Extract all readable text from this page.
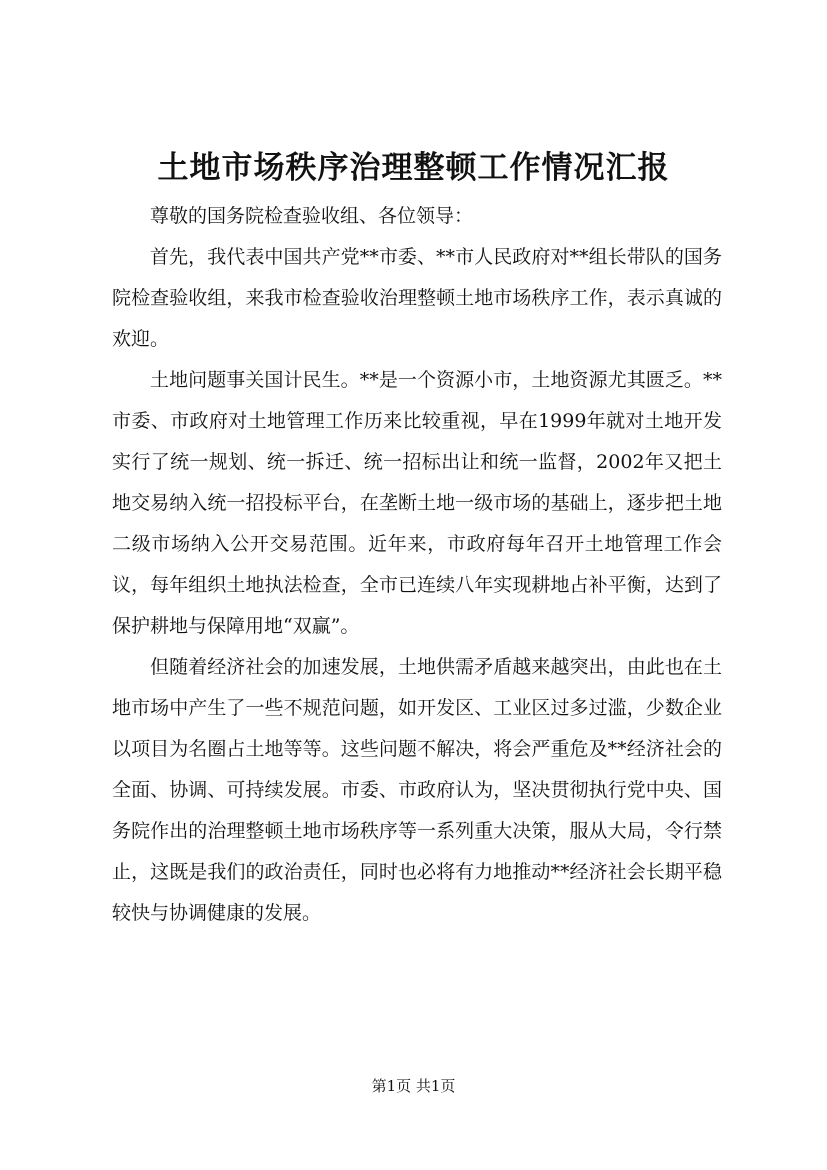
土地市场秩序治理整顿工作情况汇报

尊敬的国务院检查验收组、各位领导：

首先，我代表中国共产党**市委、**市人民政府对**组长带队的国务院检查验收组，来我市检查验收治理整顿土地市场秩序工作，表示真诚的欢迎。

土地问题事关国计民生。**是一个资源小市，土地资源尤其匮乏。**市委、市政府对土地管理工作历来比较重视，早在1999年就对土地开发实行了统一规划、统一拆迁、统一招标出让和统一监督，2002年又把土地交易纳入统一招投标平台，在垄断土地一级市场的基础上，逐步把土地二级市场纳入公开交易范围。近年来，市政府每年召开土地管理工作会议，每年组织土地执法检查，全市已连续八年实现耕地占补平衡，达到了保护耕地与保障用地“双赢”。

但随着经济社会的加速发展，土地供需矛盾越来越突出，由此也在土地市场中产生了一些不规范问题，如开发区、工业区过多过滥，少数企业以项目为名圈占土地等等。这些问题不解决，将会严重危及**经济社会的全面、协调、可持续发展。市委、市政府认为，坚决贯彻执行党中央、国务院作出的治理整顿土地市场秩序等一系列重大决策，服从大局，令行禁止，这既是我们的政治责任，同时也必将有力地推动**经济社会长期平稳较快与协调健康的发展。

第1页 共1页
